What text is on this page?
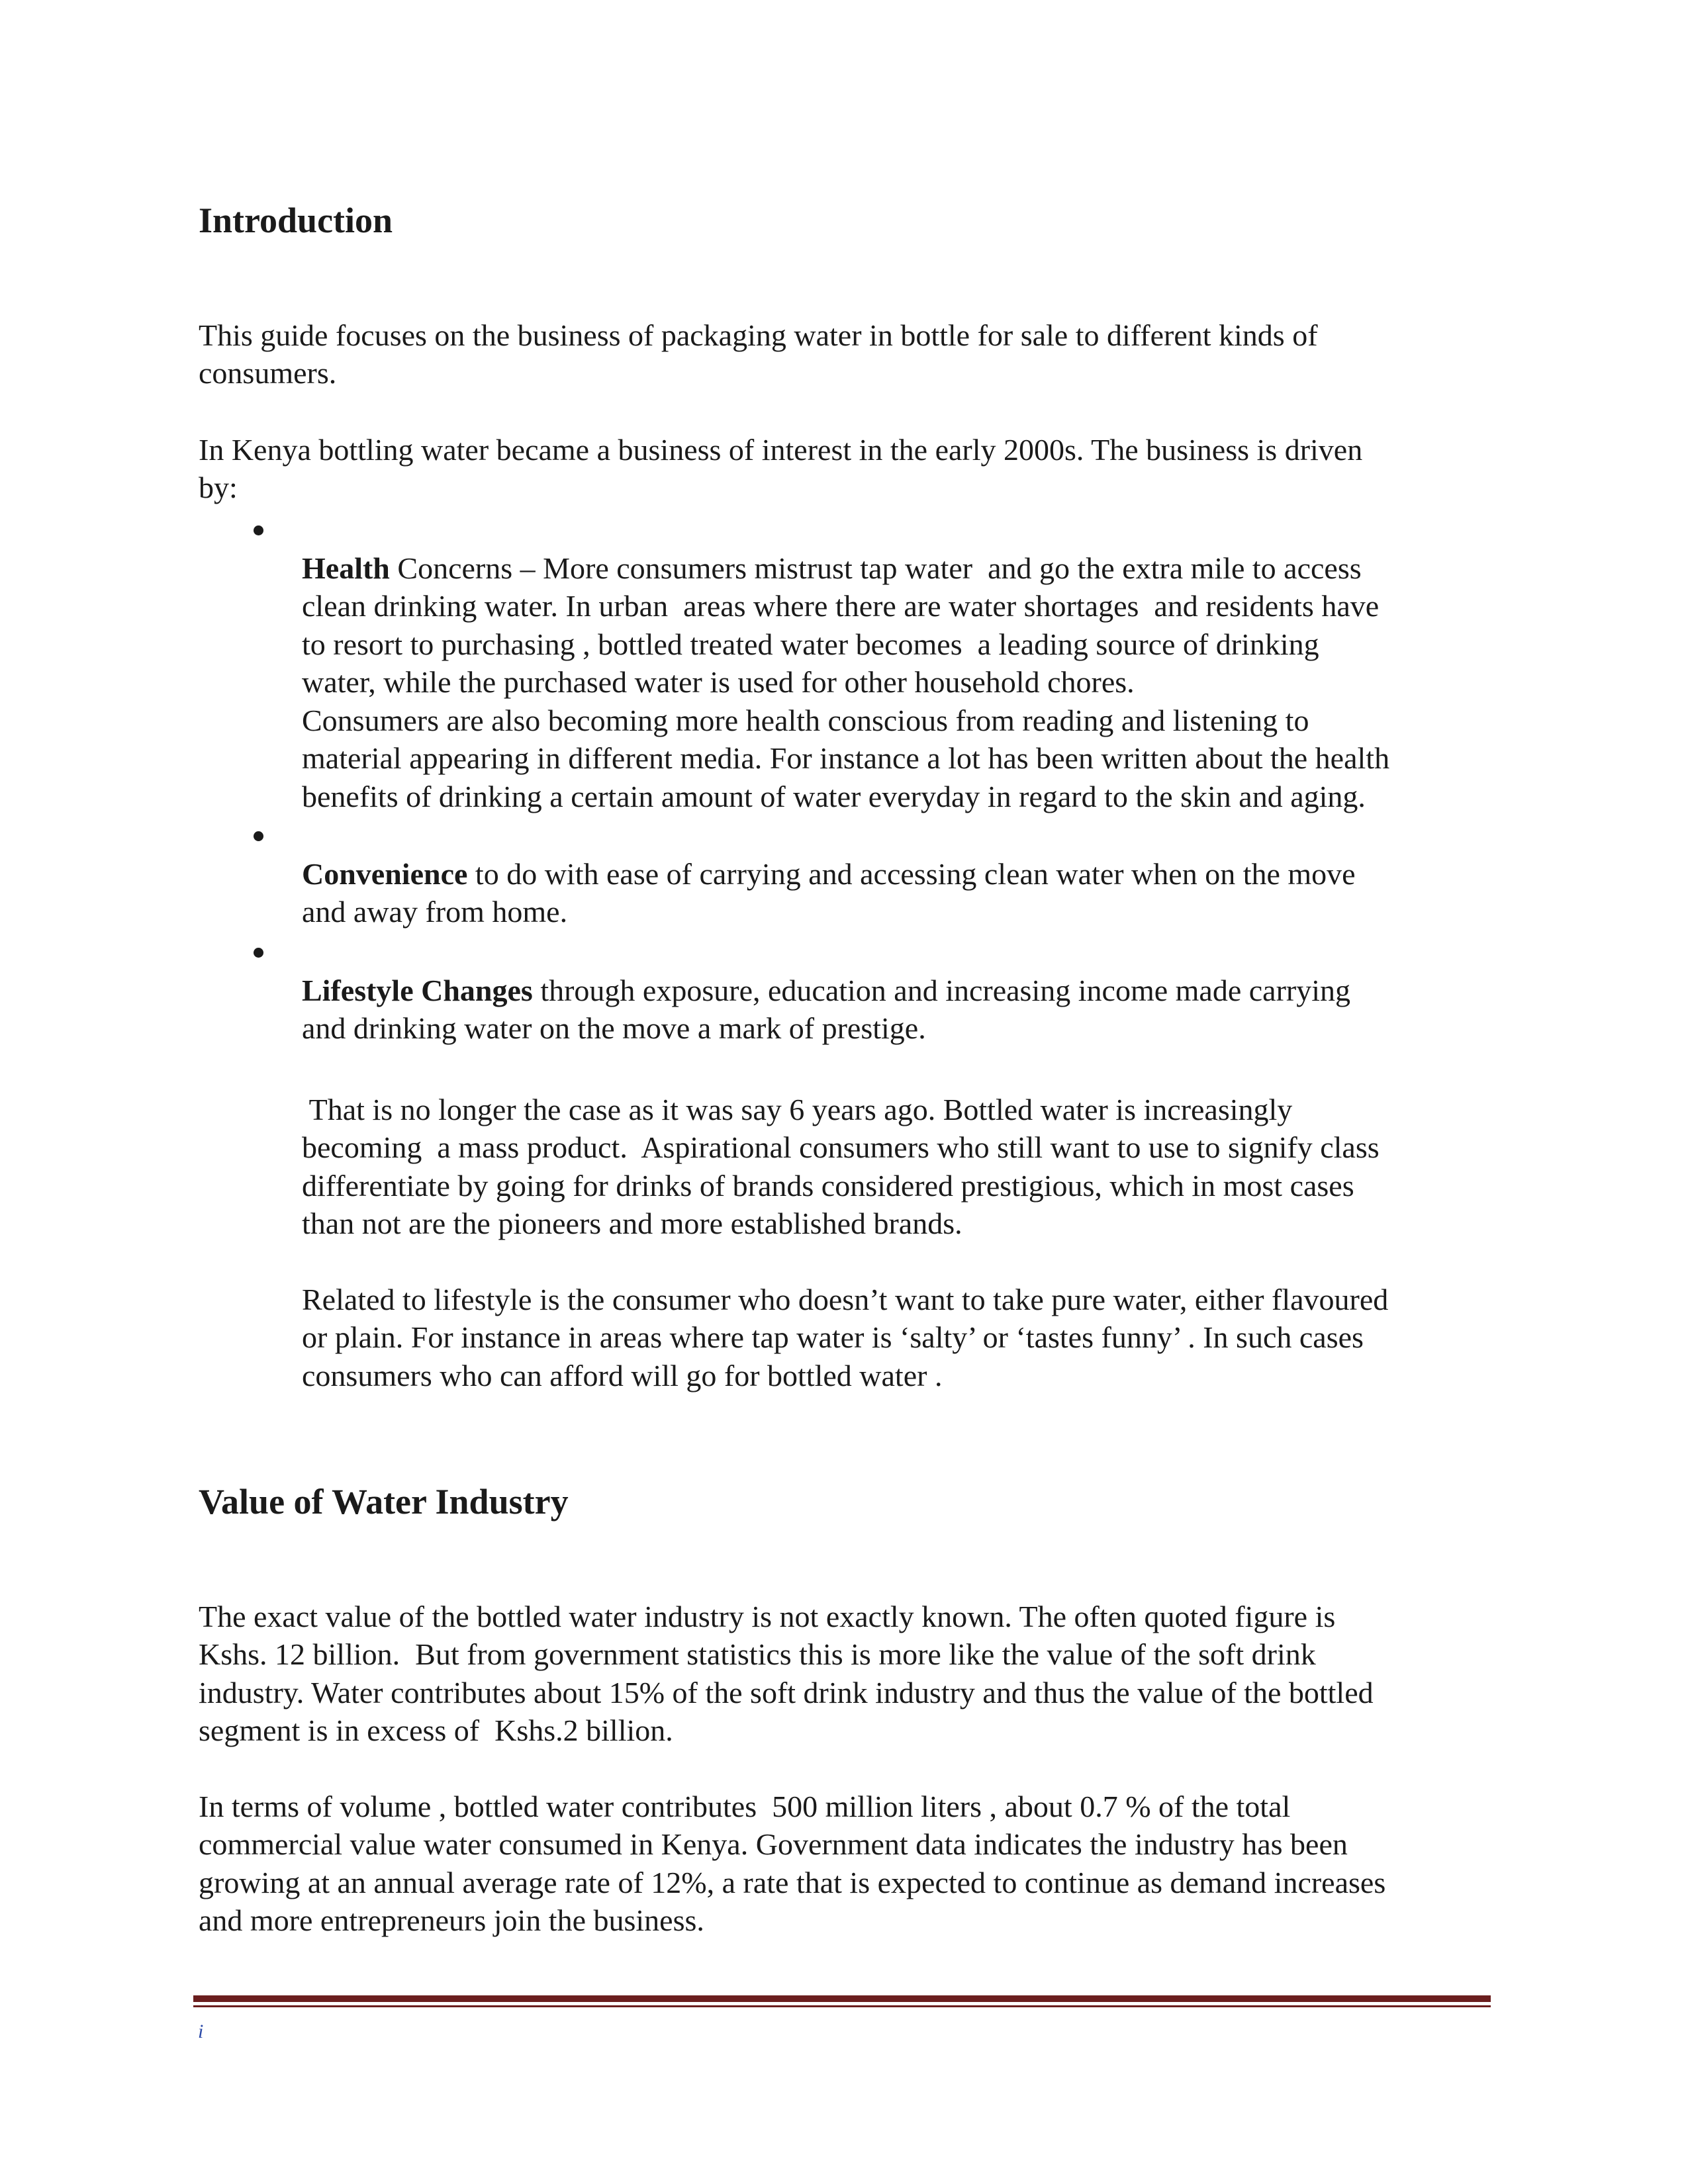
Introduction

This guide focuses on the business of packaging water in bottle for sale to different kinds of
consumers.

In Kenya bottling water became a business of interest in the early 2000s. The business is driven
by:

Health Concerns – More consumers mistrust tap water  and go the extra mile to access
clean drinking water. In urban  areas where there are water shortages  and residents have
to resort to purchasing , bottled treated water becomes  a leading source of drinking
water, while the purchased water is used for other household chores.
Consumers are also becoming more health conscious from reading and listening to
material appearing in different media. For instance a lot has been written about the health
benefits of drinking a certain amount of water everyday in regard to the skin and aging.

Convenience to do with ease of carrying and accessing clean water when on the move
and away from home.

Lifestyle Changes through exposure, education and increasing income made carrying
and drinking water on the move a mark of prestige.

That is no longer the case as it was say 6 years ago. Bottled water is increasingly
becoming  a mass product.  Aspirational consumers who still want to use to signify class
differentiate by going for drinks of brands considered prestigious, which in most cases
than not are the pioneers and more established brands.

Related to lifestyle is the consumer who doesn’t want to take pure water, either flavoured
or plain. For instance in areas where tap water is ‘salty’ or ‘tastes funny’ . In such cases
consumers who can afford will go for bottled water .

Value of Water Industry

The exact value of the bottled water industry is not exactly known. The often quoted figure is
Kshs. 12 billion.  But from government statistics this is more like the value of the soft drink
industry. Water contributes about 15% of the soft drink industry and thus the value of the bottled
segment is in excess of  Kshs.2 billion.

In terms of volume , bottled water contributes  500 million liters , about 0.7 % of the total
commercial value water consumed in Kenya. Government data indicates the industry has been
growing at an annual average rate of 12%, a rate that is expected to continue as demand increases
and more entrepreneurs join the business.

i
